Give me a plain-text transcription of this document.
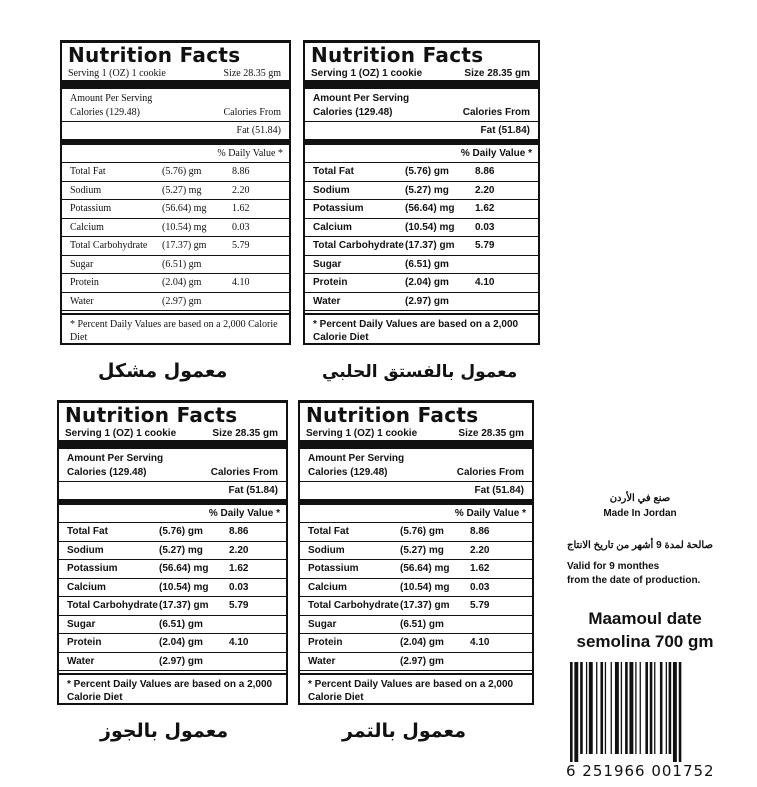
Nutrition Facts
Serving 1 (OZ) 1 cookie	Size 28.35 gm
Amount Per Serving
Calories (129.48)	Calories From
Fat (51.84)
% Daily Value *
Total Fat	(5.76) gm	8.86
Sodium	(5.27) mg	2.20
Potassium	(56.64) mg	1.62
Calcium	(10.54) mg	0.03
Total Carbohydrate	(17.37) gm	5.79
Sugar	(6.51) gm
Protein	(2.04) gm	4.10
Water	(2.97) gm
* Percent Daily Values are based on a 2,000 Calorie Diet
Nutrition Facts
Serving 1 (OZ) 1 cookie	Size 28.35 gm
Amount Per Serving
Calories (129.48)	Calories From
Fat (51.84)
% Daily Value *
Total Fat	(5.76) gm	8.86
Sodium	(5.27) mg	2.20
Potassium	(56.64) mg	1.62
Calcium	(10.54) mg	0.03
Total Carbohydrate (17.37) gm	5.79
Sugar	(6.51) gm
Protein	(2.04) gm	4.10
Water	(2.97) gm
* Percent Daily Values are based on a 2,000 Calorie Diet
Nutrition Facts
Serving 1 (OZ) 1 cookie	Size 28.35 gm
Amount Per Serving
Calories (129.48)	Calories From
Fat (51.84)
% Daily Value *
Total Fat	(5.76) gm	8.86
Sodium	(5.27) mg	2.20
Potassium	(56.64) mg	1.62
Calcium	(10.54) mg	0.03
Total Carbohydrate (17.37) gm	5.79
Sugar	(6.51) gm
Protein	(2.04) gm	4.10
Water	(2.97) gm
* Percent Daily Values are based on a 2,000 Calorie Diet
Nutrition Facts
Serving 1 (OZ) 1 cookie	Size 28.35 gm
Amount Per Serving
Calories (129.48)	Calories From
Fat (51.84)
% Daily Value *
Total Fat	(5.76) gm	8.86
Sodium	(5.27) mg	2.20
Potassium	(56.64) mg	1.62
Calcium	(10.54) mg	0.03
Total Carbohydrate (17.37) gm	5.79
Sugar	(6.51) gm
Protein	(2.04) gm	4.10
Water	(2.97) gm
* Percent Daily Values are based on a 2,000 Calorie Diet
معمول مشكل	معمول بالفستق الحلبي
معمول بالجوز	معمول بالتمر
صنع في الأردن
Made In Jordan
صالحة لمدة 9 أشهر من تاريخ الانتاج
Valid for 9 monthes
from the date of production.
Maamoul date
semolina 700 gm
6 251966 001752
